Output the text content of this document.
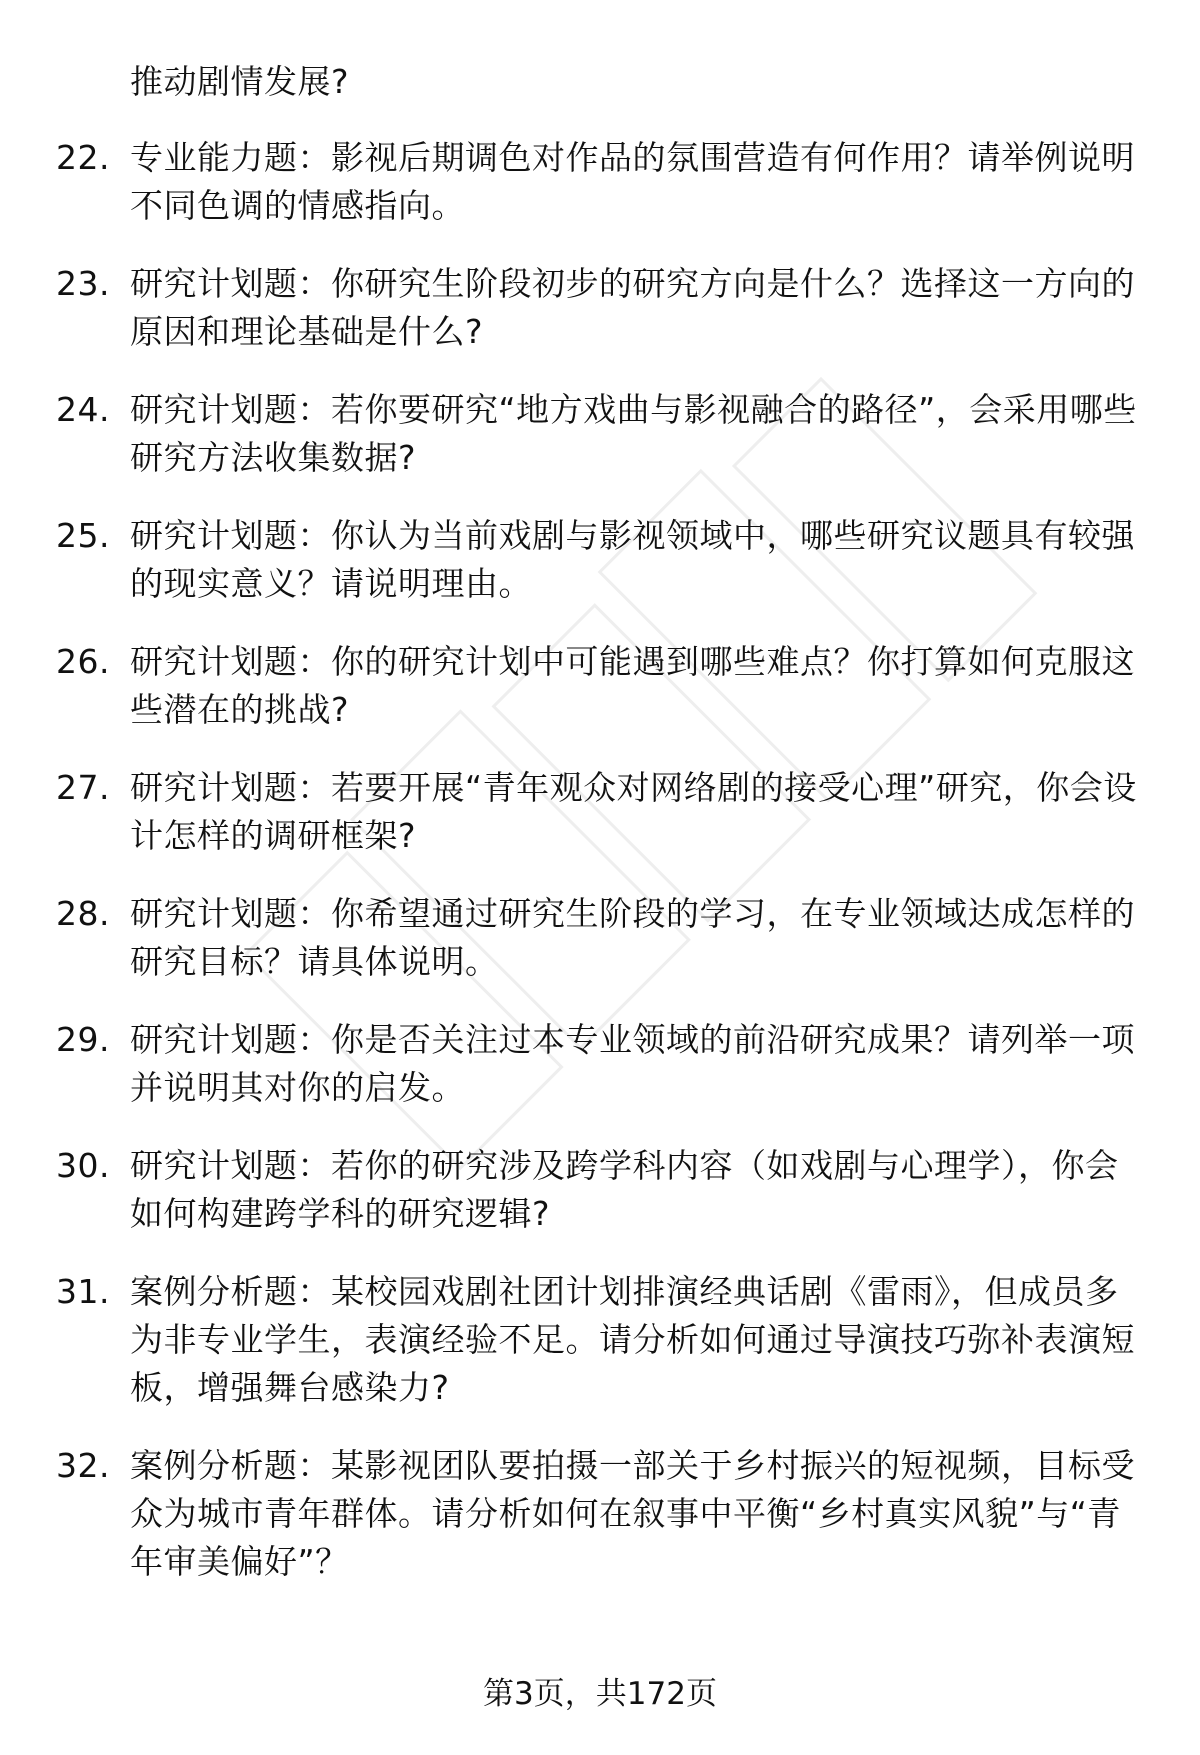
推动剧情发展?
22. 专业能力题：影视后期调色对作品的氛围营造有何作用？请举例说明不同色调的情感指向。
23. 研究计划题：你研究生阶段初步的研究方向是什么？选择这一方向的原因和理论基础是什么?
24. 研究计划题：若你要研究“地方戏曲与影视融合的路径”，会采用哪些研究方法收集数据?
25. 研究计划题：你认为当前戏剧与影视领域中，哪些研究议题具有较强的现实意义？请说明理由。
26. 研究计划题：你的研究计划中可能遇到哪些难点？你打算如何克服这些潜在的挑战?
27. 研究计划题：若要开展“青年观众对网络剧的接受心理”研究，你会设计怎样的调研框架?
28. 研究计划题：你希望通过研究生阶段的学习，在专业领域达成怎样的研究目标？请具体说明。
29. 研究计划题：你是否关注过本专业领域的前沿研究成果？请列举一项并说明其对你的启发。
30. 研究计划题：若你的研究涉及跨学科内容（如戏剧与心理学），你会如何构建跨学科的研究逻辑?
31. 案例分析题：某校园戏剧社团计划排演经典话剧《雷雨》，但成员多为非专业学生，表演经验不足。请分析如何通过导演技巧弥补表演短板，增强舞台感染力?
32. 案例分析题：某影视团队要拍摄一部关于乡村振兴的短视频，目标受众为城市青年群体。请分析如何在叙事中平衡“乡村真实风貌”与“青年审美偏好”？
第3页，共172页
